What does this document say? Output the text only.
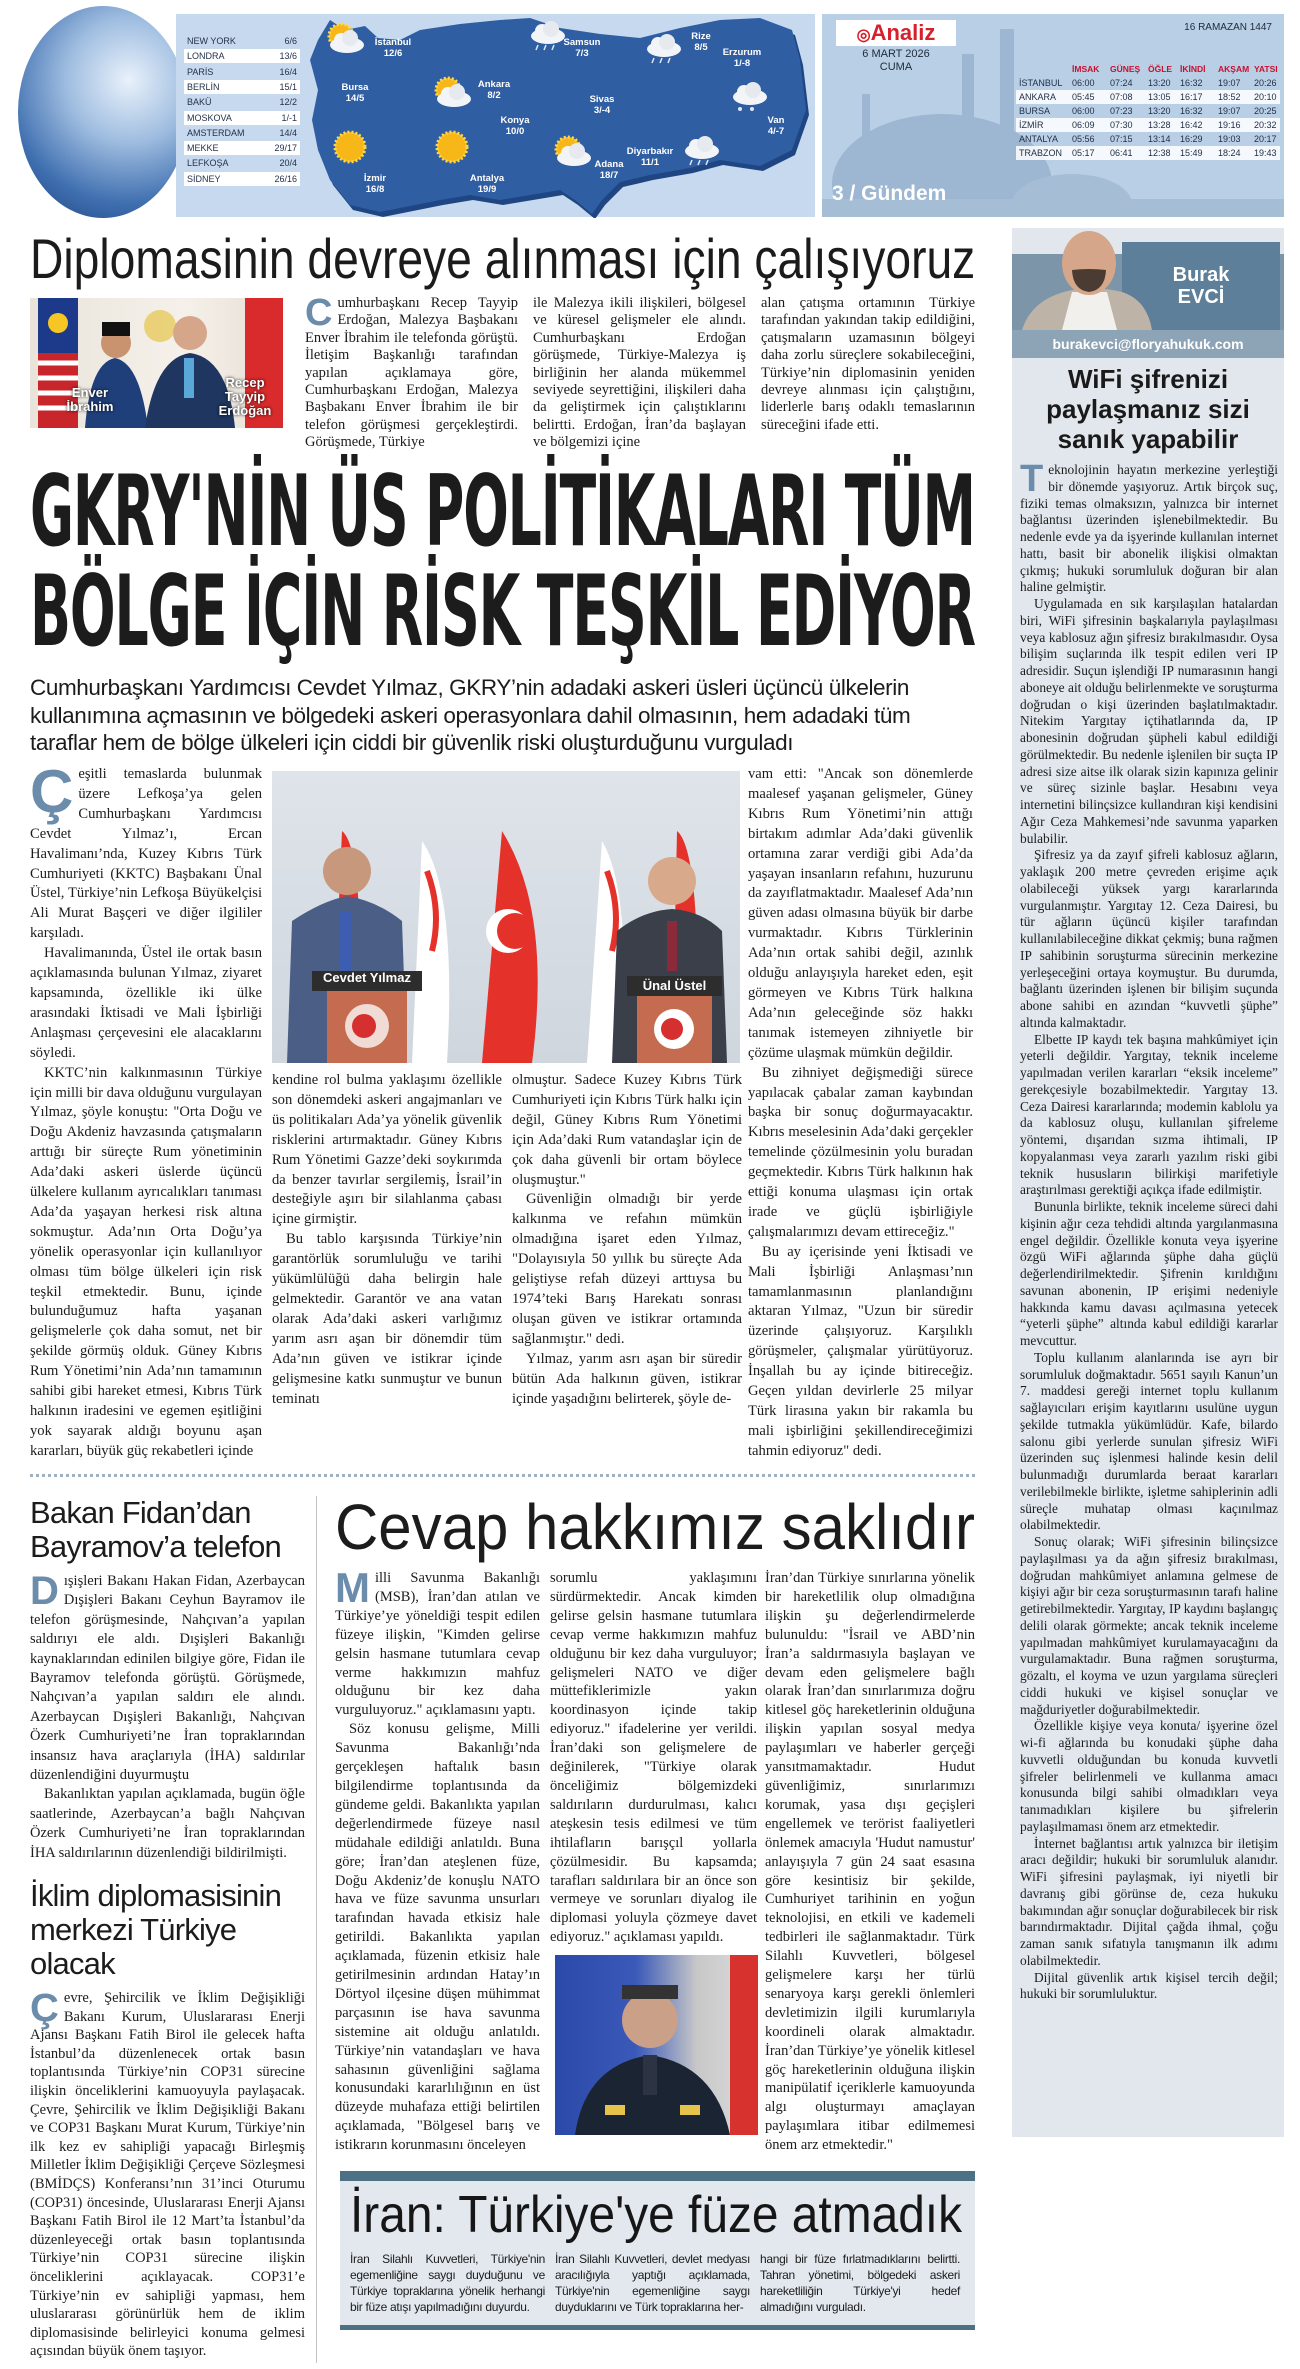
NEW YORK	6/6
LONDRA	13/6
PARİS	16/4
BERLİN	15/1
BAKÜ	12/2
MOSKOVA	1/-1
AMSTERDAM	14/4
MEKKE	29/17
LEFKOŞA	20/4
SİDNEY	26/16
İstanbul
12/6
Bursa
14/5
Ankara
8/2
Konya
10/0
Samsun
7/3
Rize
8/5	Erzurum
1/-8
Sivas
3/-4
Van
4/-7
Diyarbakır
11/1
Adana
18/7
İzmir
16/8
Antalya
19/9
◎Analiz
6 MART 2026
CUMA
16 RAMAZAN 1447
İMSAK GÜNEŞ ÖĞLE İKİNDİ AKŞAM YATSI
İSTANBUL 06:00 07:24 13:20 16:32 19:07 20:26
ANKARA 05:45 07:08 13:05 16:17 18:52 20:10
BURSA 06:00 07:23 13:20 16:32 19:07 20:25
İZMİR	06:09 07:30 13:28 16:42 19:16 20:32
ANTALYA 05:56 07:15 13:14 16:29 19:03 20:17
TRABZON 05:17 06:41 12:38 15:49 18:24 19:43
3 / Gündem
Diplomasinin devreye alınması için çalışıyoruz
Enver İbrahim
Recep Tayyip Erdoğan
C umhurbaşkanı Recep Tayyip Erdoğan, Malezya Başbakanı Enver İbrahim ile telefonda görüştü. İletişim Başkanlığı tarafından yapılan açıklamaya göre, Cumhurbaşkanı Erdoğan, Malezya Başbakanı Enver İbrahim ile bir telefon görüşmesi gerçekleştirdi. Görüşmede, Türkiye

ile Malezya ikili ilişkileri, bölgesel ve küresel gelişmeler ele alındı. Cumhurbaşkanı Erdoğan görüşmede, Türkiye-Malezya iş birliğinin her alanda mükemmel seviyede seyrettiğini, ilişkileri daha da geliştirmek için çalıştıklarını belirtti. Erdoğan, İran’da başlayan ve bölgemizi içine

alan çatışma ortamının Türkiye tarafından yakından takip edildiğini, çatışmaların uzamasının bölgeyi daha zorlu süreçlere sokabileceğini, Türkiye’nin diplomasinin yeniden devreye alınması için çalıştığını, liderlerle barış odaklı temaslarının süreceğini ifade etti.

GKRY'NİN ÜS POLİTİKALARI TÜM
BÖLGE İÇİN RİSK TEŞKİL EDİYOR
Cumhurbaşkanı Yardımcısı Cevdet Yılmaz, GKRY’nin adadaki askeri üsleri üçüncü ülkelerin kullanımına açmasının ve bölgedeki askeri operasyonlara dahil olmasının, hem adadaki tüm taraflar hem de bölge ülkeleri için ciddi bir güvenlik riski oluşturduğunu vurguladı
Ç eşitli temaslarda bulunmak üzere Lefkoşa’ya gelen Cumhurbaşkanı Yardımcısı Cevdet Yılmaz’ı, Ercan Havalimanı’nda, Kuzey Kıbrıs Türk Cumhuriyeti (KKTC) Başbakanı Ünal Üstel, Türkiye’nin Lefkoşa Büyükelçisi Ali Murat Başçeri ve diğer ilgililer karşıladı.

Havalimanında, Üstel ile ortak basın açıklamasında bulunan Yılmaz, ziyaret kapsamında, özellikle iki ülke arasındaki İktisadi ve Mali İşbirliği Anlaşması çerçevesini ele alacaklarını söyledi.

KKTC’nin kalkınmasının Türkiye için milli bir dava olduğunu vurgulayan Yılmaz, şöyle konuştu: "Orta Doğu ve Doğu Akdeniz havzasında çatışmaların arttığı bir süreçte Rum yönetiminin Ada’daki askeri üslerde üçüncü ülkelere kullanım ayrıcalıkları tanıması Ada’da yaşayan herkesi risk altına sokmuştur. Ada’nın Orta Doğu’ya yönelik operasyonlar için kullanılıyor olması tüm bölge ülkeleri için risk teşkil etmektedir. Bunu, içinde bulunduğumuz hafta yaşanan gelişmelerle çok daha somut, net bir şekilde görmüş olduk. Güney Kıbrıs Rum Yönetimi’nin Ada’nın tamamının sahibi gibi hareket etmesi, Kıbrıs Türk halkının iradesini ve egemen eşitliğini yok sayarak aldığı boyunu aşan kararları, büyük güç rekabetleri içinde

Cevdet Yılmaz
Ünal Üstel

kendine rol bulma yaklaşımı özellikle son dönemdeki askeri angajmanları ve üs politikaları Ada’ya yönelik güvenlik risklerini artırmaktadır. Güney Kıbrıs Rum Yönetimi Gazze’deki soykırımda da benzer tavırlar sergilemiş, İsrail’in desteğiyle aşırı bir silahlanma çabası içine girmiştir.

Bu tablo karşısında Türkiye’nin garantörlük sorumluluğu ve tarihi yükümlülüğü daha belirgin hale gelmektedir. Garantör ve ana vatan olarak Ada’daki askeri varlığımız yarım asrı aşan bir dönemdir tüm Ada’nın güven ve istikrar içinde gelişmesine katkı sunmuştur ve bunun teminatı

olmuştur. Sadece Kuzey Kıbrıs Türk Cumhuriyeti için Kıbrıs Türk halkı için değil, Güney Kıbrıs Rum Yönetimi için Ada’daki Rum vatandaşlar için de çok daha güvenli bir ortam böylece oluşmuştur."

Güvenliğin olmadığı bir yerde kalkınma ve refahın mümkün olmadığına işaret eden Yılmaz, "Dolayısıyla 50 yıllık bu süreçte Ada geliştiyse refah düzeyi arttıysa bu 1974’teki Barış Harekatı sonrası oluşan güven ve istikrar ortamında sağlanmıştır." dedi.

Yılmaz, yarım asrı aşan bir süredir bütün Ada halkının güven, istikrar içinde yaşadığını belirterek, şöyle de-

vam etti: "Ancak son dönemlerde maalesef yaşanan gelişmeler, Güney Kıbrıs Rum Yönetimi’nin attığı birtakım adımlar Ada’daki güvenlik ortamına zarar verdiği gibi Ada’da yaşayan insanların refahını, huzurunu da zayıflatmaktadır. Maalesef Ada’nın güven adası olmasına büyük bir darbe vurmaktadır. Kıbrıs Türklerinin Ada’nın ortak sahibi değil, azınlık olduğu anlayışıyla hareket eden, eşit görmeyen ve Kıbrıs Türk halkına Ada’nın geleceğinde söz hakkı tanımak istemeyen zihniyetle bir çözüme ulaşmak mümkün değildir.

Bu zihniyet değişmediği sürece yapılacak çabalar zaman kaybından başka bir sonuç doğurmayacaktır. Kıbrıs meselesinin Ada’daki gerçekler temelinde çözülmesinin yolu buradan geçmektedir. Kıbrıs Türk halkının hak ettiği konuma ulaşması için ortak irade ve güçlü işbirliğiyle çalışmalarımızı devam ettireceğiz."

Bu ay içerisinde yeni İktisadi ve Mali İşbirliği Anlaşması’nın tamamlanmasının planlandığını aktaran Yılmaz, "Uzun bir süredir üzerinde çalışıyoruz. Karşılıklı görüşmeler, çalışmalar yürütüyoruz. İnşallah bu ay içinde bitireceğiz. Geçen yıldan devirlerle 25 milyar Türk lirasına yakın bir rakamla bu mali işbirliğini şekillendireceğimizi tahmin ediyoruz" dedi.

Bakan Fidan’dan Bayramov’a telefon
D ışişleri Bakanı Hakan Fidan, Azerbaycan Dışişleri Bakanı Ceyhun Bayramov ile telefon görüşmesinde, Nahçıvan’a yapılan saldırıyı ele aldı. Dışişleri Bakanlığı kaynaklarından edinilen bilgiye göre, Fidan ile Bayramov telefonda görüştü. Görüşmede, Nahçıvan’a yapılan saldırı ele alındı. Azerbaycan Dışişleri Bakanlığı, Nahçıvan Özerk Cumhuriyeti’ne İran topraklarından insansız hava araçlarıyla (İHA) saldırılar düzenlendiğini duyurmuştu

Bakanlıktan yapılan açıklamada, bugün öğle saatlerinde, Azerbaycan’a bağlı Nahçıvan Özerk Cumhuriyeti’ne İran topraklarından İHA saldırılarının düzenlendiği bildirilmişti.

İklim diplomasisinin merkezi Türkiye olacak
Ç evre, Şehircilik ve İklim Değişikliği Bakanı Kurum, Uluslararası Enerji Ajansı Başkanı Fatih Birol ile gelecek hafta İstanbul’da düzenlenecek ortak basın toplantısında Türkiye’nin COP31 sürecine ilişkin önceliklerini kamuoyuyla paylaşacak. Çevre, Şehircilik ve İklim Değişikliği Bakanı ve COP31 Başkanı Murat Kurum, Türkiye’nin ilk kez ev sahipliği yapacağı Birleşmiş Milletler İklim Değişikliği Çerçeve Sözleşmesi (BMİDÇS) Konferansı’nın 31’inci Oturumu (COP31) öncesinde, Uluslararası Enerji Ajansı Başkanı Fatih Birol ile 12 Mart’ta İstanbul’da düzenleyeceği ortak basın toplantısında Türkiye’nin COP31 sürecine ilişkin önceliklerini açıklayacak. COP31’e Türkiye’nin ev sahipliği yapması, hem uluslararası görünürlük hem de iklim diplomasisinde belirleyici konuma gelmesi açısından büyük önem taşıyor.

Cevap hakkımız saklıdır
M illi Savunma Bakanlığı (MSB), İran’dan atılan ve Türkiye’ye yöneldiği tespit edilen füzeye ilişkin, "Kimden gelirse gelsin hasmane tutumlara cevap verme hakkımızın mahfuz olduğunu bir kez daha vurguluyoruz." açıklamasını yaptı.

Söz konusu gelişme, Milli Savunma Bakanlığı’nda gerçekleşen haftalık basın bilgilendirme toplantısında da gündeme geldi. Bakanlıkta yapılan değerlendirmede füzeye nasıl müdahale edildiği anlatıldı. Buna göre; İran’dan ateşlenen füze, Doğu Akdeniz’de konuşlu NATO hava ve füze savunma unsurları tarafından havada etkisiz hale getirildi. Bakanlıkta yapılan açıklamada, füzenin etkisiz hale getirilmesinin ardından Hatay’ın Dörtyol ilçesine düşen mühimmat parçasının ise hava savunma sistemine ait olduğu anlatıldı. Türkiye’nin vatandaşları ve hava sahasının güvenliğini sağlama konusundaki kararlılığının en üst düzeyde muhafaza ettiği belirtilen açıklamada, "Bölgesel barış ve istikrarın korunmasını önceleyen

sorumlu yaklaşımını sürdürmektedir. Ancak kimden gelirse gelsin hasmane tutumlara cevap verme hakkımızın mahfuz olduğunu bir kez daha vurguluyor; gelişmeleri NATO ve diğer müttefiklerimizle yakın koordinasyon içinde takip ediyoruz." ifadelerine yer verildi. İran’daki son gelişmelere de değinilerek, "Türkiye olarak önceliğimiz bölgemizdeki saldırıların durdurulması, kalıcı ateşkesin tesis edilmesi ve tüm ihtilafların barışçıl yollarla çözülmesidir. Bu kapsamda; tarafları saldırılara bir an önce son vermeye ve sorunları diyalog ile diplomasi yoluyla çözmeye davet ediyoruz." açıklaması yapıldı.

İran’dan Türkiye sınırlarına yönelik bir hareketlilik olup olmadığına ilişkin şu değerlendirmelerde bulunuldu: "İsrail ve ABD’nin İran’a saldırmasıyla başlayan ve devam eden gelişmelere bağlı olarak İran’dan sınırlarımıza doğru kitlesel göç hareketlerinin olduğuna ilişkin yapılan sosyal medya paylaşımları ve haberler gerçeği yansıtmamaktadır. Hudut güvenliğimiz, sınırlarımızı korumak, yasa dışı geçişleri engellemek ve terörist faaliyetleri önlemek amacıyla 'Hudut namustur' anlayışıyla 7 gün 24 saat esasına göre kesintisiz bir şekilde, Cumhuriyet tarihinin en yoğun teknolojisi, en etkili ve kademeli tedbirleri ile sağlanmaktadır. Türk Silahlı Kuvvetleri, bölgesel gelişmelere karşı her türlü senaryoya karşı gerekli önlemleri devletimizin ilgili kurumlarıyla koordineli olarak almaktadır. İran’dan Türkiye’ye yönelik kitlesel göç hareketlerinin olduğuna ilişkin manipülatif içeriklerle kamuoyunda algı oluşturmayı amaçlayan paylaşımlara itibar edilmemesi önem arz etmektedir."

İran: Türkiye'ye füze atmadık

İran Silahlı Kuvvetleri, Türkiye'nin egemenliğine saygı duyduğunu ve Türkiye topraklarına yönelik herhangi bir füze atışı yapılmadığını duyurdu.

İran Silahlı Kuvvetleri, devlet medyası aracılığıyla yaptığı açıklamada, Türkiye'nin egemenliğine saygı duyduklarını ve Türk topraklarına her-

hangi bir füze fırlatmadıklarını belirtti. Tahran yönetimi, bölgedeki askeri hareketliliğin Türkiye'yi hedef almadığını vurguladı.

Burak
EVCİ
burakevci@floryahukuk.com
WiFi şifrenizi paylaşmanız sizi sanık yapabilir
T eknolojinin hayatın merkezine yerleştiği bir dönemde yaşıyoruz. Artık birçok suç, fiziki temas olmaksızın, yalnızca bir internet bağlantısı üzerinden işlenebilmektedir. Bu nedenle evde ya da işyerinde kullanılan internet hattı, basit bir abonelik ilişkisi olmaktan çıkmış; hukuki sorumluluk doğuran bir alan haline gelmiştir.

Uygulamada en sık karşılaşılan hatalardan biri, WiFi şifresinin başkalarıyla paylaşılması veya kablosuz ağın şifresiz bırakılmasıdır. Oysa bilişim suçlarında ilk tespit edilen veri IP adresidir. Suçun işlendiği IP numarasının hangi aboneye ait olduğu belirlenmekte ve soruşturma doğrudan o kişi üzerinden başlatılmaktadır. Nitekim Yargıtay içtihatlarında da, IP abonesinin doğrudan şüpheli kabul edildiği görülmektedir. Bu nedenle işlenilen bir suçta IP adresi size aitse ilk olarak sizin kapınıza gelinir ve süreç sizinle başlar. Hesabını veya internetini bilinçsizce kullandıran kişi kendisini Ağır Ceza Mahkemesi’nde savunma yaparken bulabilir.

Şifresiz ya da zayıf şifreli kablosuz ağların, yaklaşık 200 metre çevreden erişime açık olabileceği yüksek yargı kararlarında vurgulanmıştır. Yargıtay 12. Ceza Dairesi, bu tür ağların üçüncü kişiler tarafından kullanılabileceğine dikkat çekmiş; buna rağmen IP sahibinin soruşturma sürecinin merkezine yerleşeceğini ortaya koymuştur. Bu durumda, bağlantı üzerinden işlenen bir bilişim suçunda abone sahibi en azından “kuvvetli şüphe” altında kalmaktadır.

Elbette IP kaydı tek başına mahkûmiyet için yeterli değildir. Yargıtay, teknik inceleme yapılmadan verilen kararları “eksik inceleme” gerekçesiyle bozabilmektedir. Yargıtay 13. Ceza Dairesi kararlarında; modemin kablolu ya da kablosuz oluşu, kullanılan şifreleme yöntemi, dışarıdan sızma ihtimali, IP kopyalanması veya zararlı yazılım riski gibi teknik hususların bilirkişi marifetiyle araştırılması gerektiği açıkça ifade edilmiştir.

Bununla birlikte, teknik inceleme süreci dahi kişinin ağır ceza tehdidi altında yargılanmasına engel değildir. Özellikle konuta veya işyerine özgü WiFi ağlarında şüphe daha güçlü değerlendirilmektedir. Şifrenin kırıldığını savunan abonenin, IP erişimi nedeniyle hakkında kamu davası açılmasına yetecek “yeterli şüphe” altında kabul edildiği kararlar mevcuttur.

Toplu kullanım alanlarında ise ayrı bir sorumluluk doğmaktadır. 5651 sayılı Kanun’un 7. maddesi gereği internet toplu kullanım sağlayıcıları erişim kayıtlarını usulüne uygun şekilde tutmakla yükümlüdür. Kafe, bilardo salonu gibi yerlerde sunulan şifresiz WiFi üzerinden suç işlenmesi halinde kesin delil bulunmadığı durumlarda beraat kararları verilebilmekle birlikte, işletme sahiplerinin adli süreçle muhatap olması kaçınılmaz olabilmektedir.

Sonuç olarak; WiFi şifresinin bilinçsizce paylaşılması ya da ağın şifresiz bırakılması, doğrudan mahkûmiyet anlamına gelmese de kişiyi ağır bir ceza soruşturmasının tarafı haline getirebilmektedir. Yargıtay, IP kaydını başlangıç delili olarak görmekte; ancak teknik inceleme yapılmadan mahkûmiyet kurulamayacağını da vurgulamaktadır. Buna rağmen soruşturma, gözaltı, el koyma ve uzun yargılama süreçleri ciddi hukuki ve kişisel sonuçlar ve mağduriyetler doğurabilmektedir.

Özellikle kişiye veya konuta/ işyerine özel wi-fi ağlarında bu konudaki şüphe daha kuvvetli olduğundan bu konuda kuvvetli şifreler belirlenmeli ve kullanma amacı konusunda bilgi sahibi olmadıkları veya tanımadıkları kişilere bu şifrelerin paylaşılmaması önem arz etmektedir.

İnternet bağlantısı artık yalnızca bir iletişim aracı değildir; hukuki bir sorumluluk alanıdır. WiFi şifresini paylaşmak, iyi niyetli bir davranış gibi görünse de, ceza hukuku bakımından ağır sonuçlar doğurabilecek bir risk barındırmaktadır. Dijital çağda ihmal, çoğu zaman sanık sıfatıyla tanışmanın ilk adımı olabilmektedir.

Dijital güvenlik artık kişisel tercih değil; hukuki bir sorumluluktur.
